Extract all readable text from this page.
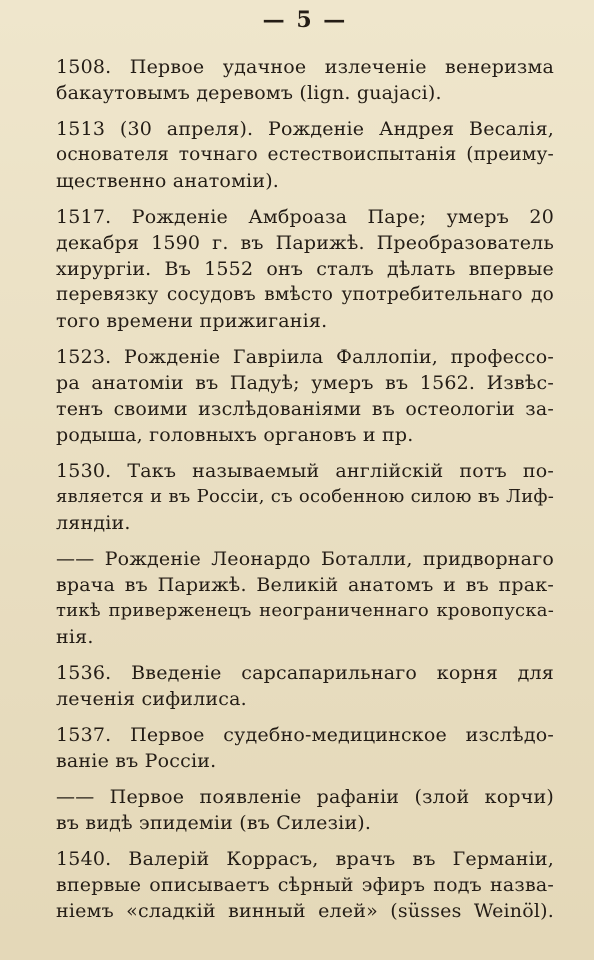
— 5 —
1508. Первое удачное излеченіе венеризма
бакаутовымъ деревомъ (lign. guajaci).
1513 (30 апреля). Рожденіе Андрея Весалія,
основателя точнаго естествоиспытанія (преиму-
щественно анатоміи).
1517. Рожденіе Амброаза Паре; умеръ 20
декабря 1590 г. въ Парижѣ. Преобразователь
хирургіи. Въ 1552 онъ сталъ дѣлать впервые
перевязку сосудовъ вмѣсто употребительнаго до
того времени прижиганія.
1523. Рожденіе Гавріила Фаллопіи, профессо-
ра анатоміи въ Падуѣ; умеръ въ 1562. Извѣс-
тенъ своими изслѣдованіями въ остеологіи за-
родыша, головныхъ органовъ и пр.
1530. Такъ называемый англійскій потъ по-
является и въ Россіи, съ особенною силою въ Лиф-
ляндіи.
—— Рожденіе Леонардо Боталли, придворнаго
врача въ Парижѣ. Великій анатомъ и въ прак-
тикѣ приверженецъ неограниченнаго кровопуска-
нія.
1536. Введеніе сарсапарильнаго корня для
леченія сифилиса.
1537. Первое судебно-медицинское изслѣдо-
ваніе въ Россіи.
—— Первое появленіе рафаніи (злой корчи)
въ видѣ эпидеміи (въ Силезіи).
1540. Валерій Коррасъ, врачъ въ Германіи,
впервые описываетъ сѣрный эфиръ подъ назва-
ніемъ «сладкій винный елей» (süsses Weinöl).
